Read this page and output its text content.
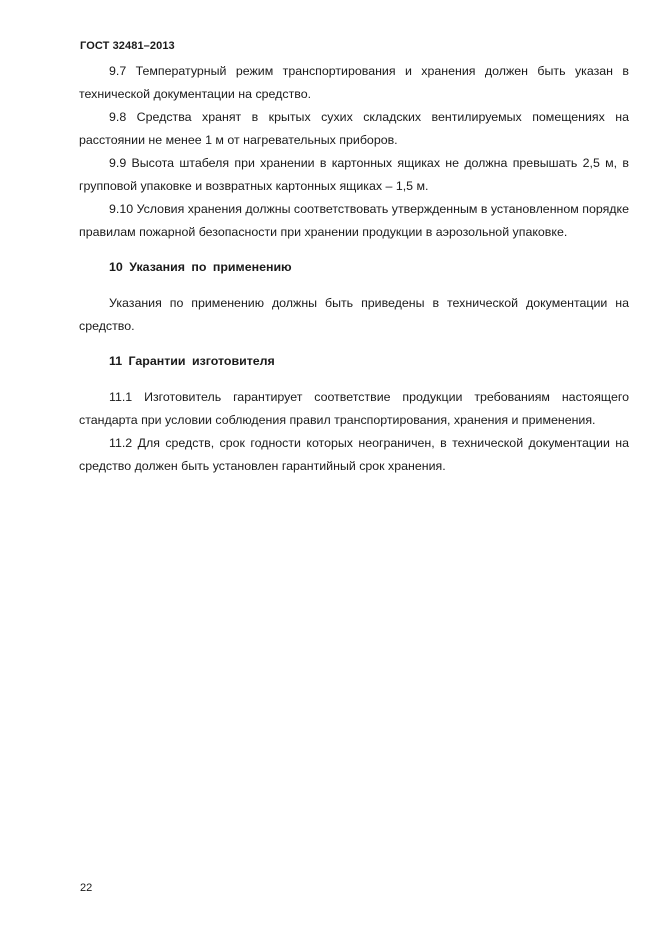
ГОСТ 32481–2013

9.7 Температурный режим транспортирования и хранения должен быть указан в технической документации на средство.

9.8 Средства хранят в крытых сухих складских вентилируемых помещениях на расстоянии не менее 1 м от нагревательных приборов.

9.9 Высота штабеля при хранении в картонных ящиках не должна превышать 2,5 м, в групповой упаковке и возвратных картонных ящиках – 1,5 м.

9.10 Условия хранения должны соответствовать утвержденным в установленном порядке правилам пожарной безопасности при хранении продукции в аэрозольной упаковке.

10 Указания по применению

Указания по применению должны быть приведены в технической документации на средство.

11 Гарантии изготовителя

11.1 Изготовитель гарантирует соответствие продукции требованиям настоящего стандарта при условии соблюдения правил транспортирования, хранения и применения.

11.2 Для средств, срок годности которых неограничен, в технической документации на средство должен быть установлен гарантийный срок хранения.

22
